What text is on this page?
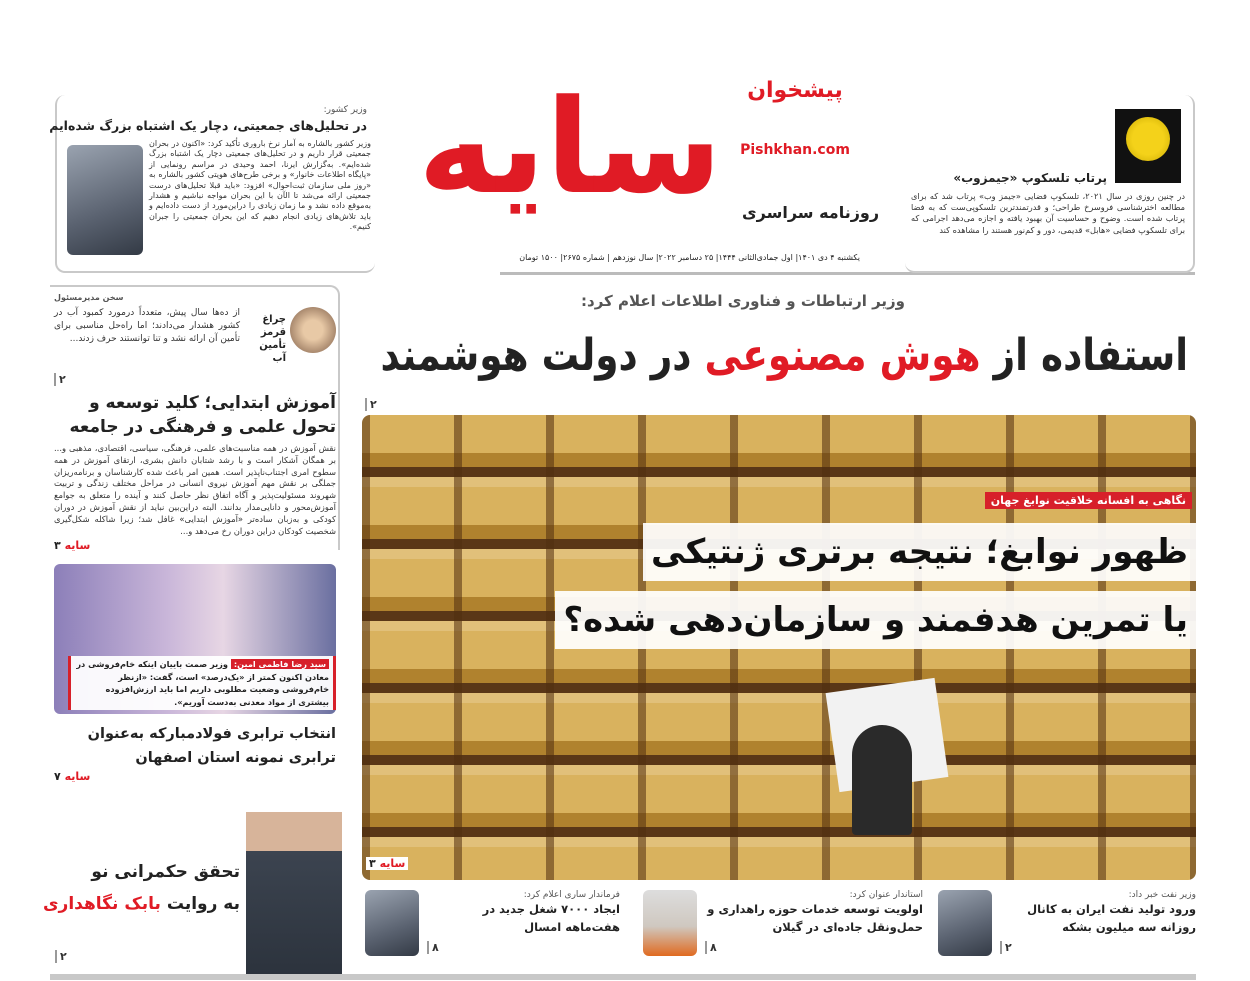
وزیر کشور:
در تحلیل‌های جمعیتی، دچار یک اشتباه بزرگ شده‌ایم
وزیر کشور بالشاره به آمار نرخ باروری تأکید کرد: «اکنون در بحران جمعیتی قرار داریم و در تحلیل‌های جمعیتی دچار یک اشتباه بزرگ شده‌ایم». به‌گزارش ایرنا، احمد وحیدی در مراسم رونمایی از «پایگاه اطلاعات خانوار» و برخی طرح‌های هویتی کشور بالشاره به «روز ملی سازمان ثبت‌احوال» افزود: «باید قبلا تحلیل‌های درست جمعیتی ارائه می‌شد تا الآن با این بحران مواجه نباشیم و هشدار به‌موقع داده نشد و ما زمان زیادی را دراین‌مورد از دست داده‌ایم و باید تلاش‌های زیادی انجام دهیم که این بحران جمعیتی را جبران کنیم».
سایه	پیشخوان
Pishkhan.com
روزنامه سراسری
یکشنبه ۴ دی ۱۴۰۱| اول جمادی‌الثانی ۱۴۴۴| ۲۵ دسامبر ۲۰۲۲| سال نوزدهم | شماره ۲۶۷۵| ۱۵۰۰ تومان
پرتاب تلسکوپ «جیمزوب»
در چنین روزی در سال ۲۰۲۱، تلسکوپ فضایی «جیمز وب» پرتاب شد که برای مطالعه اخترشناسی فروسرخ طراحی؛ و قدرتمندترین تلسکوپی‌ست که به فضا پرتاب شده است. وضوح و حساسیت آن بهبود یافته و اجازه می‌دهد اجرامی که برای تلسکوپ فضایی «هابل» قدیمی، دور و کم‌نور هستند را مشاهده کند
وزیر ارتباطات و فناوری اطلاعات اعلام کرد:
استفاده از هوش مصنوعی در دولت هوشمند
۲
نگاهی به افسانه خلاقیت نوابغ جهان
ظهور نوابغ؛ نتیجه برتری ژنتیکی
یا تمرین هدفمند و سازمان‌دهی شده؟
۳ سایه
سخن مدیرمسئول
چراغ قرمز تأمین آب
از ده‌ها سال پیش، متعدداً درمورد کمبود آب در کشور هشدار می‌دادند؛ اما راه‌حل مناسبی برای تأمین آن ارائه نشد و تنا توانستند حرف زدند...
۲
آموزش ابتدایی؛ کلید توسعه و تحول علمی و فرهنگی در جامعه
نقش آموزش در همه مناسبت‌های علمی، فرهنگی، سیاسی، اقتصادی، مذهبی و... بر همگان آشکار است و با رشد شتابان دانش بشری، ارتقای آموزش در همه سطوح امری اجتناب‌ناپذیر است. همین امر باعث شده کارشناسان و برنامه‌ریزان جملگی بر نقش مهم آموزش نیروی انسانی در مراحل مختلف زندگی و تربیت شهروند مسئولیت‌پذیر و آگاه اتفاق نظر حاصل کنند و آینده را متعلق به جوامع آموزش‌محور و دانایی‌مدار بدانند. البته دراین‌بین نباید از نقش آموزش در دوران کودکی و به‌زبان ساده‌تر «آموزش ابتدایی» غافل شد؛ زیرا شاکله شکل‌گیری شخصیت کودکان دراین دوران رخ می‌دهد و...
سایه ۳
سید رضا فاطمی امین: وزیر صمت باییان اینکه خام‌فروشی در معادن اکنون کمتر از «یک‌درصد» است، گفت: «ازنظر خام‌فروشی وضعیت مطلوبی داریم اما باید ارزش‌افزوده بیشتری از مواد معدنی به‌دست آوریم».
انتخاب ترابری فولادمبارکه به‌عنوان ترابری نمونه استان اصفهان
سایه ۷
تحقق حکمرانی نو
به روایت بابک نگاهداری
۲
وزیر نفت خبر داد:
ورود تولید نفت ایران به کانال روزانه سه میلیون بشکه
۲
استاندار عنوان کرد:
اولویت توسعه خدمات حوزه راهداری و حمل‌ونقل جاده‌ای در گیلان
۸
فرماندار ساری اعلام کرد:
ایجاد ۷۰۰۰ شغل جدید در هفت‌ماهه امسال
۸
